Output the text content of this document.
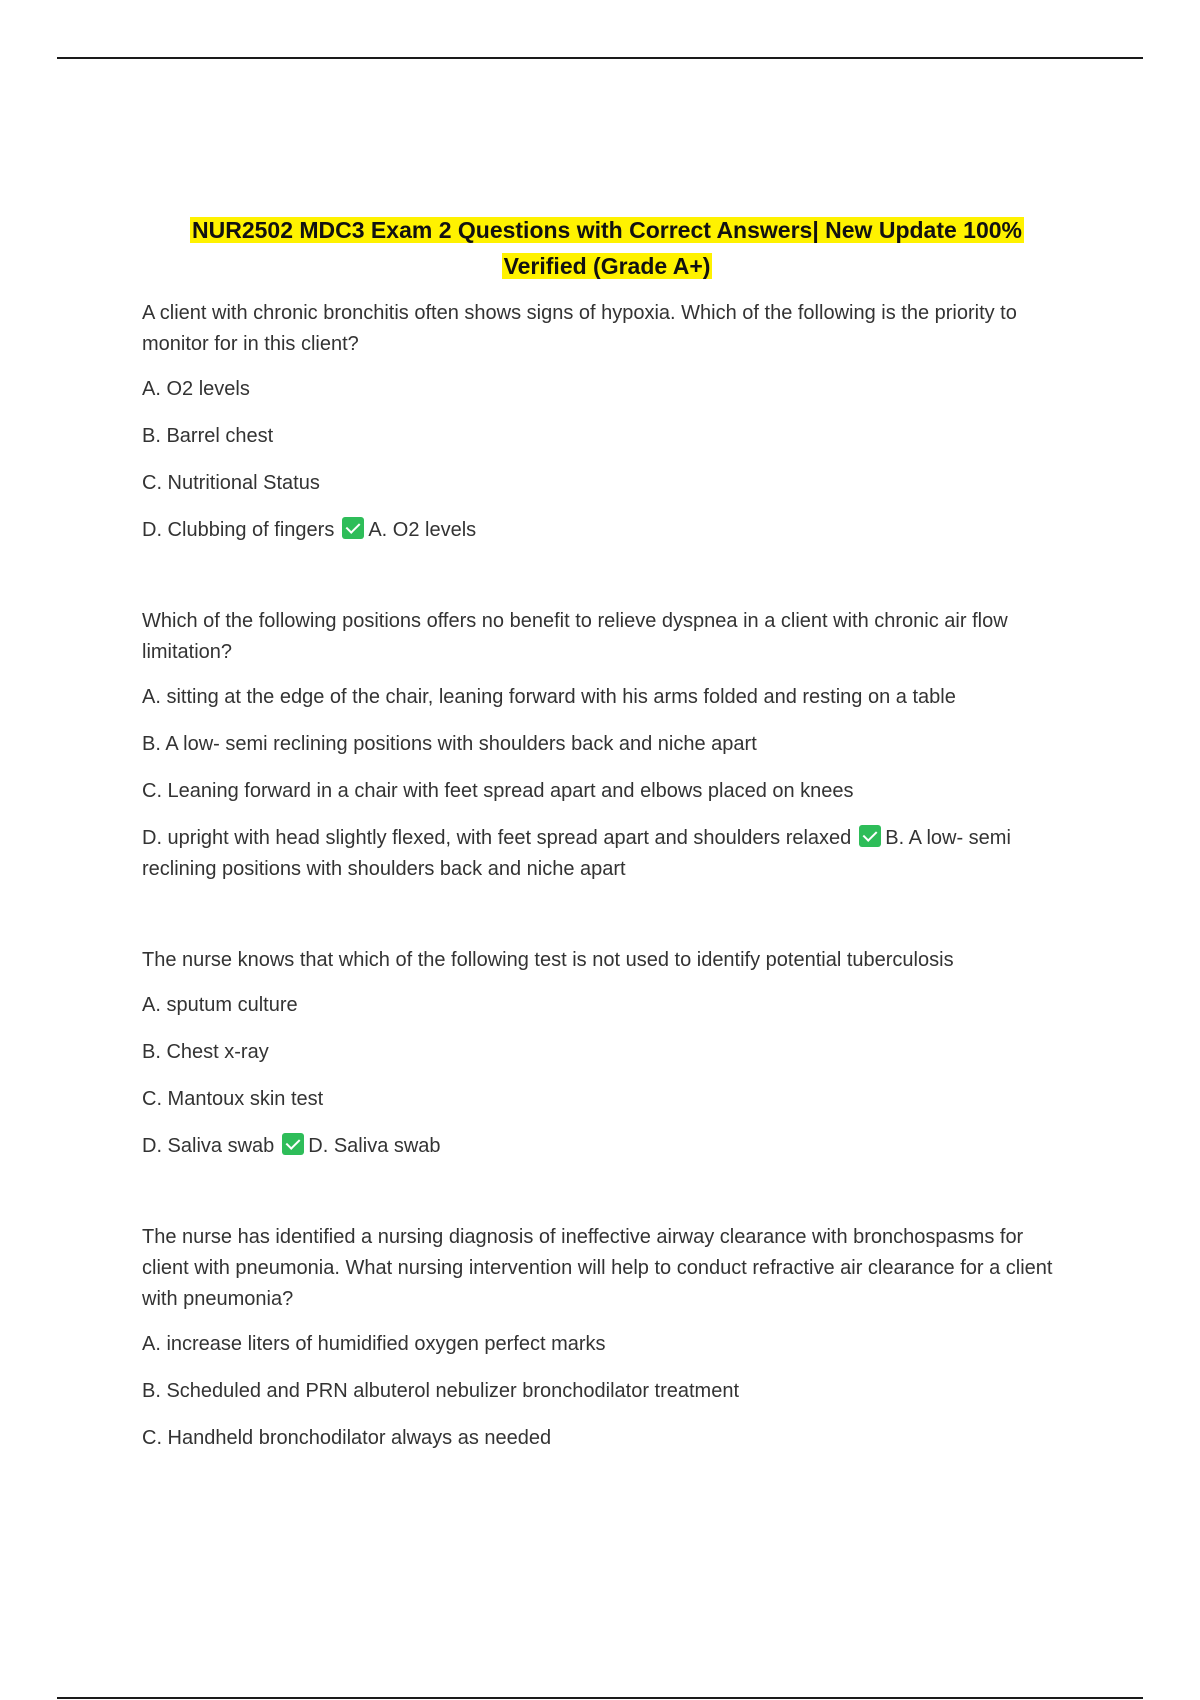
NUR2502 MDC3 Exam 2 Questions with Correct Answers| New Update 100% Verified (Grade A+)
A client with chronic bronchitis often shows signs of hypoxia. Which of the following is the priority to monitor for in this client?
A. O2 levels
B. Barrel chest
C. Nutritional Status
D. Clubbing of fingers A. O2 levels
Which of the following positions offers no benefit to relieve dyspnea in a client with chronic air flow limitation?
A. sitting at the edge of the chair, leaning forward with his arms folded and resting on a table
B. A low- semi reclining positions with shoulders back and niche apart
C. Leaning forward in a chair with feet spread apart and elbows placed on knees
D. upright with head slightly flexed, with feet spread apart and shoulders relaxed B. A low- semi reclining positions with shoulders back and niche apart
The nurse knows that which of the following test is not used to identify potential tuberculosis
A. sputum culture
B. Chest x-ray
C. Mantoux skin test
D. Saliva swab D. Saliva swab
The nurse has identified a nursing diagnosis of ineffective airway clearance with bronchospasms for client with pneumonia. What nursing intervention will help to conduct refractive air clearance for a client with pneumonia?
A. increase liters of humidified oxygen perfect marks
B. Scheduled and PRN albuterol nebulizer bronchodilator treatment
C. Handheld bronchodilator always as needed
